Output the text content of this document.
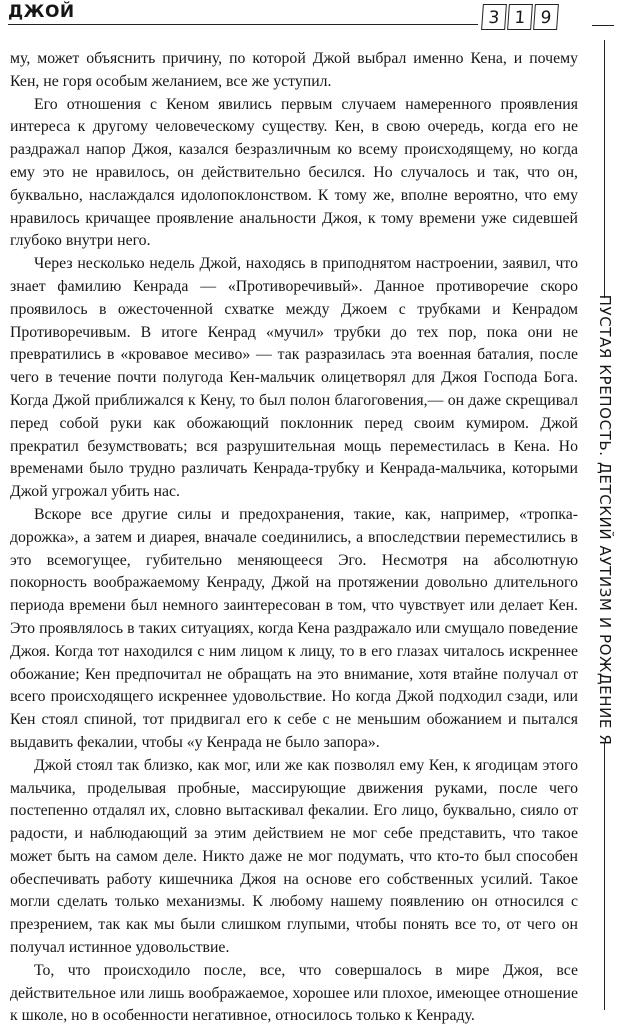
ДЖОЙ	3 1 9

му, может объяснить причину, по которой Джой выбрал именно Кена, и почему Кен, не горя особым желанием, все же уступил.

Его отношения с Кеном явились первым случаем намеренного проявления интереса к другому человеческому существу. Кен, в свою очередь, когда его не раздражал напор Джоя, казался безразличным ко всему происходящему, но когда ему это не нравилось, он действительно бесился. Но случалось и так, что он, буквально, наслаждался идолопоклонством. К тому же, вполне вероятно, что ему нравилось кричащее проявление анальности Джоя, к тому времени уже сидевшей глубоко внутри него.

Через несколько недель Джой, находясь в приподнятом настроении, заявил, что знает фамилию Кенрада — «Противоречивый». Данное противоречие скоро проявилось в ожесточенной схватке между Джоем с трубками и Кенрадом Противоречивым. В итоге Кенрад «мучил» трубки до тех пор, пока они не превратились в «кровавое месиво» — так разразилась эта военная баталия, после чего в течение почти полугода Кен-мальчик олицетворял для Джоя Господа Бога. Когда Джой приближался к Кену, то был полон благоговения,— он даже скрещивал перед собой руки как обожающий поклонник перед своим кумиром. Джой прекратил безумствовать; вся разрушительная мощь переместилась в Кена. Но временами было трудно различать Кенрада-трубку и Кенрада-мальчика, которыми Джой угрожал убить нас.

Вскоре все другие силы и предохранения, такие, как, например, «тропка-дорожка», а затем и диарея, вначале соединились, а впоследствии переместились в это всемогущее, губительно меняющееся Эго. Несмотря на абсолютную покорность воображаемому Кенраду, Джой на протяжении довольно длительного периода времени был немного заинтересован в том, что чувствует или делает Кен. Это проявлялось в таких ситуациях, когда Кена раздражало или смущало поведение Джоя. Когда тот находился с ним лицом к лицу, то в его глазах читалось искреннее обожание; Кен предпочитал не обращать на это внимание, хотя втайне получал от всего происходящего искреннее удовольствие. Но когда Джой подходил сзади, или Кен стоял спиной, тот придвигал его к себе с не меньшим обожанием и пытался выдавить фекалии, чтобы «у Кенрада не было запора».

Джой стоял так близко, как мог, или же как позволял ему Кен, к ягодицам этого мальчика, проделывая пробные, массирующие движения руками, после чего постепенно отдалял их, словно вытаскивал фекалии. Его лицо, буквально, сияло от радости, и наблюдающий за этим действием не мог себе представить, что такое может быть на самом деле. Никто даже не мог подумать, что кто-то был способен обеспечивать работу кишечника Джоя на основе его собственных усилий. Такое могли сделать только механизмы. К любому нашему появлению он относился с презрением, так как мы были слишком глупыми, чтобы понять все то, от чего он получал истинное удовольствие.

То, что происходило после, все, что совершалось в мире Джоя, все действительное или лишь воображаемое, хорошее или плохое, имеющее отношение к школе, но в особенности негативное, относилось только к Кенраду.

ПУСТАЯ КРЕПОСТЬ. ДЕТСКИЙ АУТИЗМ И РОЖДЕНИЕ Я
